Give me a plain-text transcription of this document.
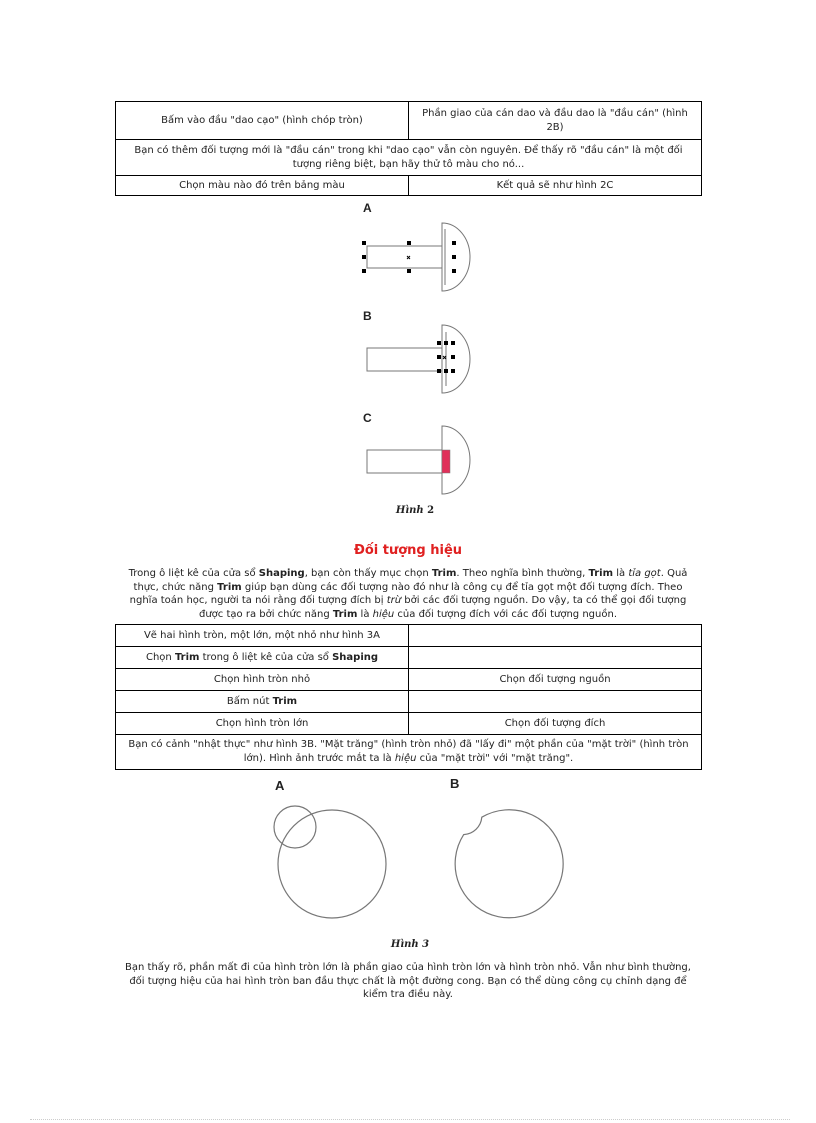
Bấm vào đầu "dao cạo" (hình chóp tròn)	Phần giao của cán dao và đầu dao là "đầu cán" (hình 2B)
Bạn có thêm đối tượng mới là "đầu cán" trong khi "dao cạo" vẫn còn nguyên. Để thấy rõ "đầu cán" là một đối tượng riêng biệt, bạn hãy thử tô màu cho nó...	
Chọn màu nào đó trên bảng màu	Kết quả sẽ như hình 2C
A
B
C
Hình 2
Đối tượng hiệu
Trong ô liệt kê của cửa sổ Shaping, bạn còn thấy mục chọn Trim. Theo nghĩa bình thường, Trim là tỉa gọt. Quả thực, chức năng Trim giúp bạn dùng các đối tượng nào đó như là công cụ để tỉa gọt một đối tượng đích. Theo nghĩa toán học, người ta nói rằng đối tượng đích bị trừ bởi các đối tượng nguồn. Do vậy, ta có thể gọi đối tượng được tạo ra bởi chức năng Trim là hiệu của đối tượng đích với các đối tượng nguồn.
Vẽ hai hình tròn, một lớn, một nhỏ như hình 3A	
Chọn Trim trong ô liệt kê của cửa sổ Shaping	
Chọn hình tròn nhỏ	Chọn đối tượng nguồn
Bấm nút Trim	
Chọn hình tròn lớn	Chọn đối tượng đích
Bạn có cảnh "nhật thực" như hình 3B. "Mặt trăng" (hình tròn nhỏ) đã "lấy đi" một phần của "mặt trời" (hình tròn lớn). Hình ảnh trước mắt ta là hiệu của "mặt trời" với "mặt trăng".	
A	B
Hình 3
Bạn thấy rõ, phần mất đi của hình tròn lớn là phần giao của hình tròn lớn và hình tròn nhỏ. Vẫn như bình thường, đối tượng hiệu của hai hình tròn ban đầu thực chất là một đường cong. Bạn có thể dùng công cụ chỉnh dạng để kiểm tra điều này.
